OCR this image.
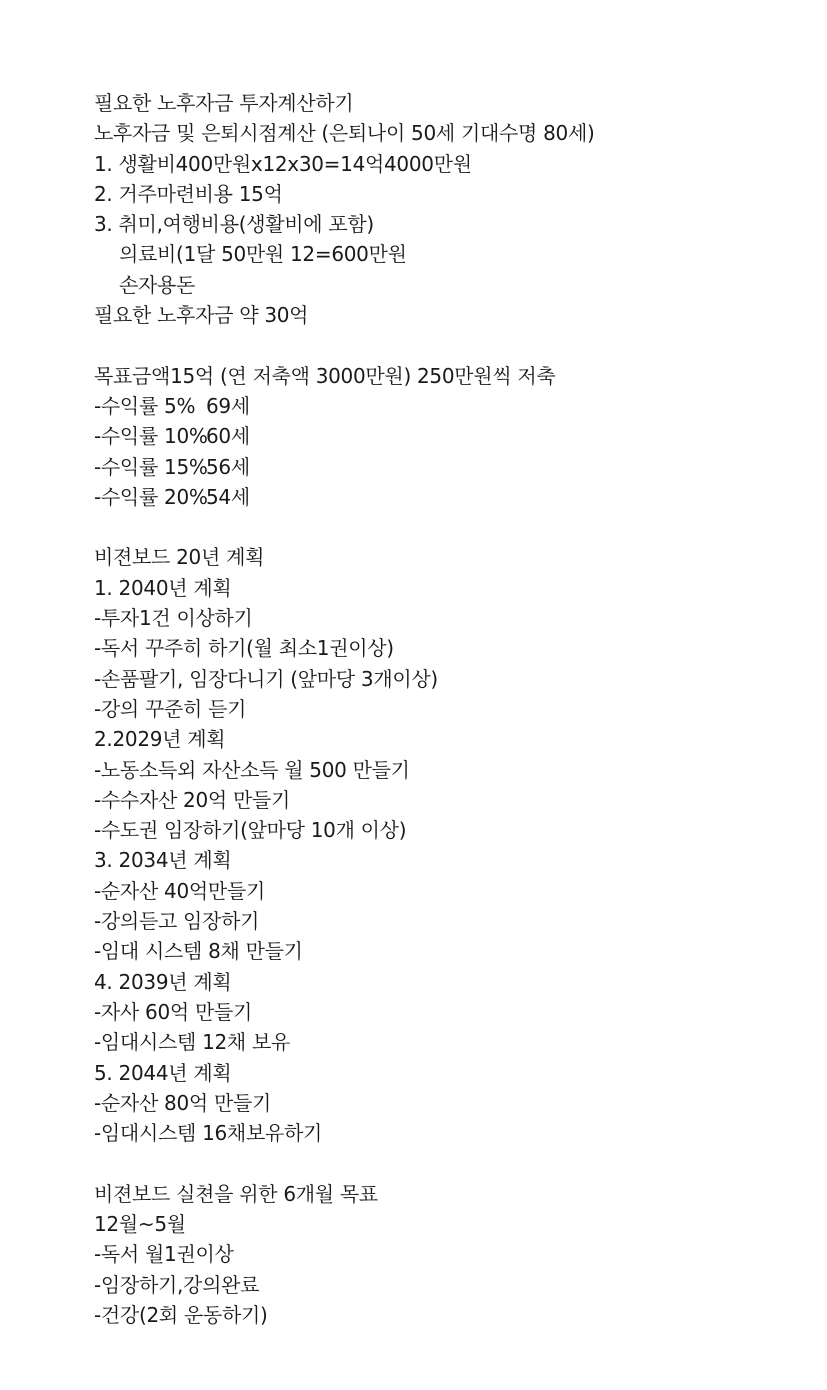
필요한 노후자금 투자계산하기
노후자금 및 은퇴시점계산 (은퇴나이 50세 기대수명 80세)
1. 생활비400만원x12x30=14억4000만원
2. 거주마련비용 15억
3. 취미,여행비용(생활비에 포함)
의료비(1달 50만원 12=600만원
손자용돈
필요한 노후자금 약 30억
목표금액15억 (연 저축액 3000만원) 250만원씩 저축
-수익률 5% 69세
-수익률 10%60세
-수익률 15%56세
-수익률 20%54세
비젼보드 20년 계획
1. 2040년 계획
-투자1건 이상하기
-독서 꾸주히 하기(월 최소1권이상)
-손품팔기, 임장다니기 (앞마당 3개이상)
-강의 꾸준히 듣기
2.2029년 계획
-노동소득외 자산소득 월 500 만들기
-수수자산 20억 만들기
-수도권 임장하기(앞마당 10개 이상)
3. 2034년 계획
-순자산 40억만들기
-강의듣고 임장하기
-임대 시스템 8채 만들기
4. 2039년 계획
-자사 60억 만들기
-임대시스템 12채 보유
5. 2044년 계획
-순자산 80억 만들기
-임대시스템 16채보유하기
비젼보드 실쳔을 위한 6개월 목표
12월~5월
-독서 월1권이상
-임장하기,강의완료
-건강(2회 운동하기)
